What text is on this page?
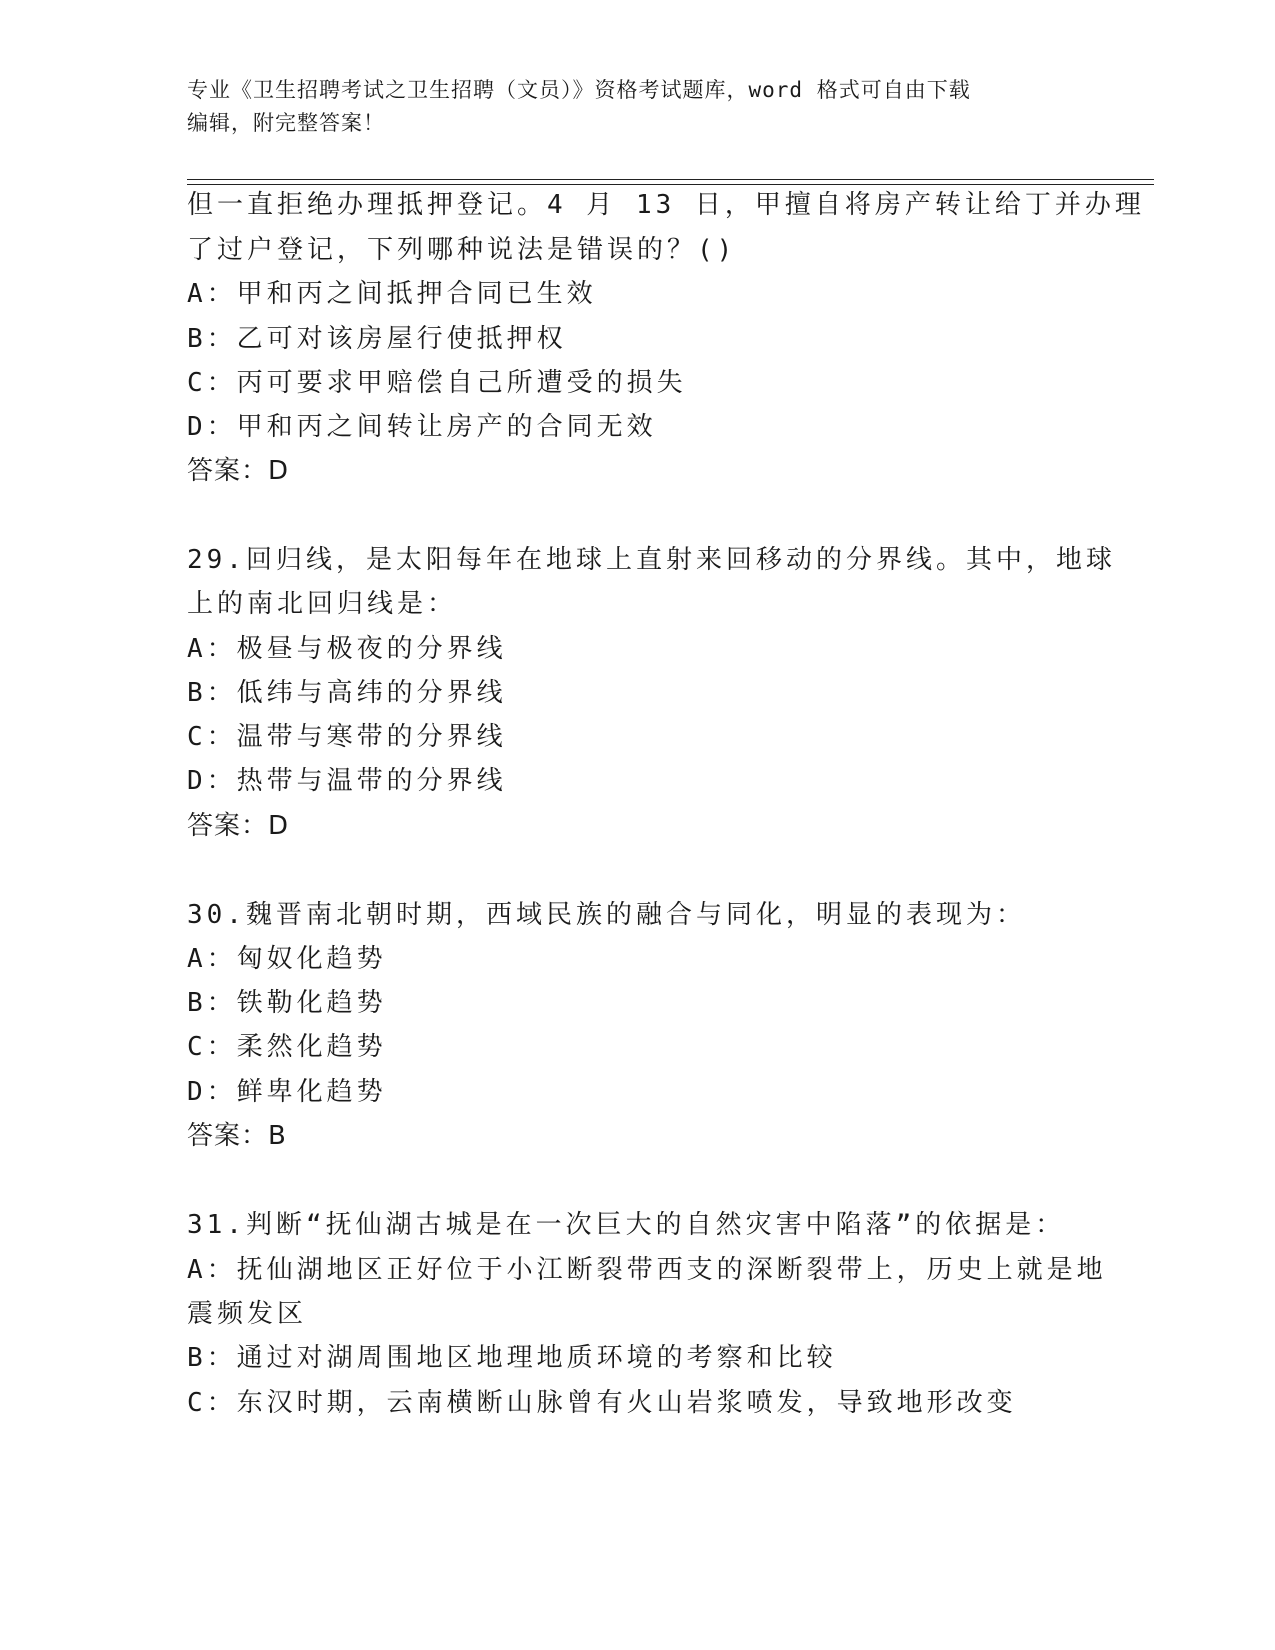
专业《卫生招聘考试之卫生招聘（文员）》资格考试题库，word 格式可自由下载
编辑，附完整答案！
但一直拒绝办理抵押登记。4 月 13 日，甲擅自将房产转让给丁并办理
了过户登记，下列哪种说法是错误的？()
A：甲和丙之间抵押合同已生效
B：乙可对该房屋行使抵押权
C：丙可要求甲赔偿自己所遭受的损失
D：甲和丙之间转让房产的合同无效
答案：D
29.回归线，是太阳每年在地球上直射来回移动的分界线。其中，地球
上的南北回归线是：
A：极昼与极夜的分界线
B：低纬与高纬的分界线
C：温带与寒带的分界线
D：热带与温带的分界线
答案：D
30.魏晋南北朝时期，西域民族的融合与同化，明显的表现为：
A：匈奴化趋势
B：铁勒化趋势
C：柔然化趋势
D：鲜卑化趋势
答案：B
31.判断“抚仙湖古城是在一次巨大的自然灾害中陷落”的依据是：
A：抚仙湖地区正好位于小江断裂带西支的深断裂带上，历史上就是地
震频发区
B：通过对湖周围地区地理地质环境的考察和比较
C：东汉时期，云南横断山脉曾有火山岩浆喷发，导致地形改变
